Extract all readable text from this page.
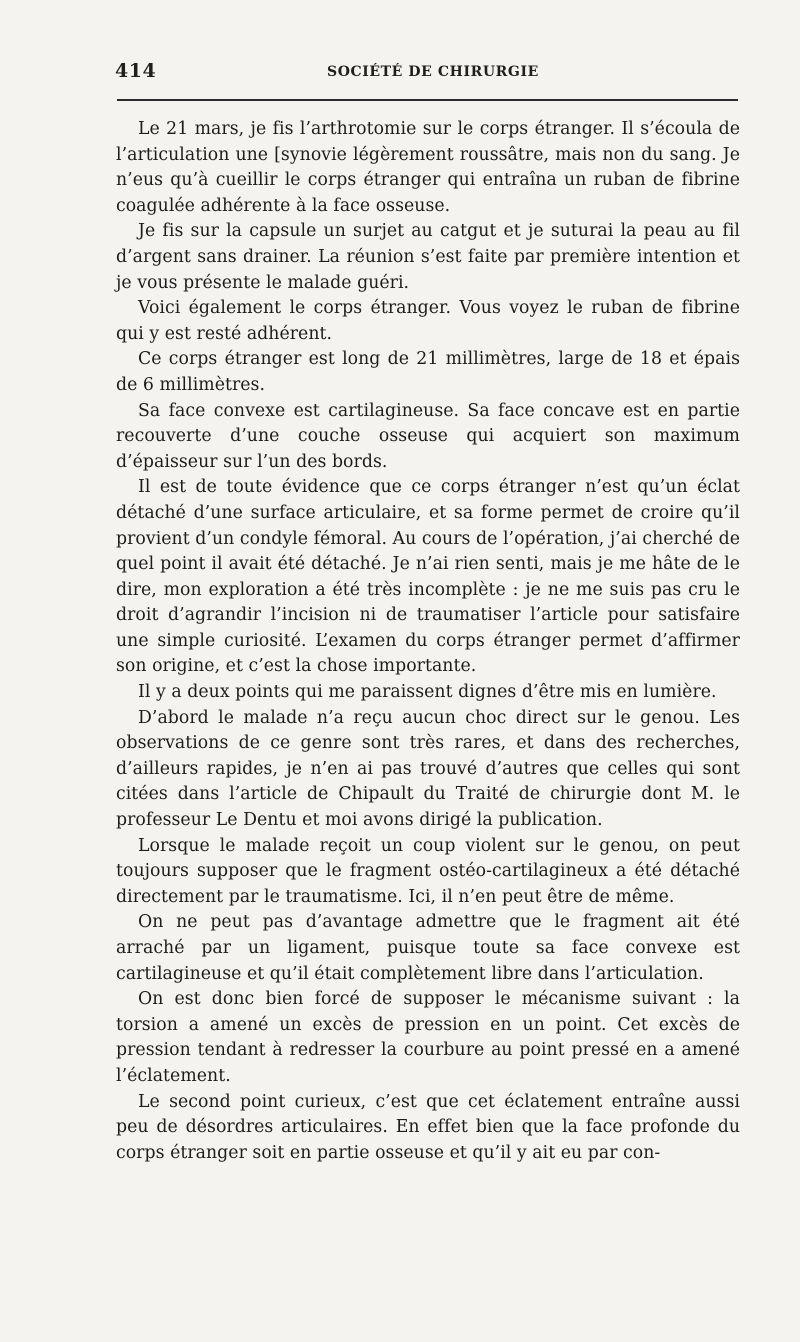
414	SOCIÉTÉ DE CHIRURGIE

Le 21 mars, je fis l’arthrotomie sur le corps étranger. Il s’écoula de l’articulation une [synovie légèrement roussâtre, mais non du sang. Je n’eus qu’à cueillir le corps étranger qui entraîna un ruban de fibrine coagulée adhérente à la face osseuse.

Je fis sur la capsule un surjet au catgut et je suturai la peau au fil d’argent sans drainer. La réunion s’est faite par première intention et je vous présente le malade guéri.

Voici également le corps étranger. Vous voyez le ruban de fibrine qui y est resté adhérent.

Ce corps étranger est long de 21 millimètres, large de 18 et épais de 6 millimètres.

Sa face convexe est cartilagineuse. Sa face concave est en partie recouverte d’une couche osseuse qui acquiert son maximum d’épaisseur sur l’un des bords.

Il est de toute évidence que ce corps étranger n’est qu’un éclat détaché d’une surface articulaire, et sa forme permet de croire qu’il provient d’un condyle fémoral. Au cours de l’opération, j’ai cherché de quel point il avait été détaché. Je n’ai rien senti, mais je me hâte de le dire, mon exploration a été très incomplète : je ne me suis pas cru le droit d’agrandir l’incision ni de traumatiser l’article pour satisfaire une simple curiosité. L’examen du corps étranger permet d’affirmer son origine, et c’est la chose importante.

Il y a deux points qui me paraissent dignes d’être mis en lumière.

D’abord le malade n’a reçu aucun choc direct sur le genou. Les observations de ce genre sont très rares, et dans des recherches, d’ailleurs rapides, je n’en ai pas trouvé d’autres que celles qui sont citées dans l’article de Chipault du Traité de chirurgie dont M. le professeur Le Dentu et moi avons dirigé la publication.

Lorsque le malade reçoit un coup violent sur le genou, on peut toujours supposer que le fragment ostéo-cartilagineux a été détaché directement par le traumatisme. Ici, il n’en peut être de même.

On ne peut pas d’avantage admettre que le fragment ait été arraché par un ligament, puisque toute sa face convexe est cartilagineuse et qu’il était complètement libre dans l’articulation.

On est donc bien forcé de supposer le mécanisme suivant : la torsion a amené un excès de pression en un point. Cet excès de pression tendant à redresser la courbure au point pressé en a amené l’éclatement.

Le second point curieux, c’est que cet éclatement entraîne aussi peu de désordres articulaires. En effet bien que la face profonde du corps étranger soit en partie osseuse et qu’il y ait eu par con-
